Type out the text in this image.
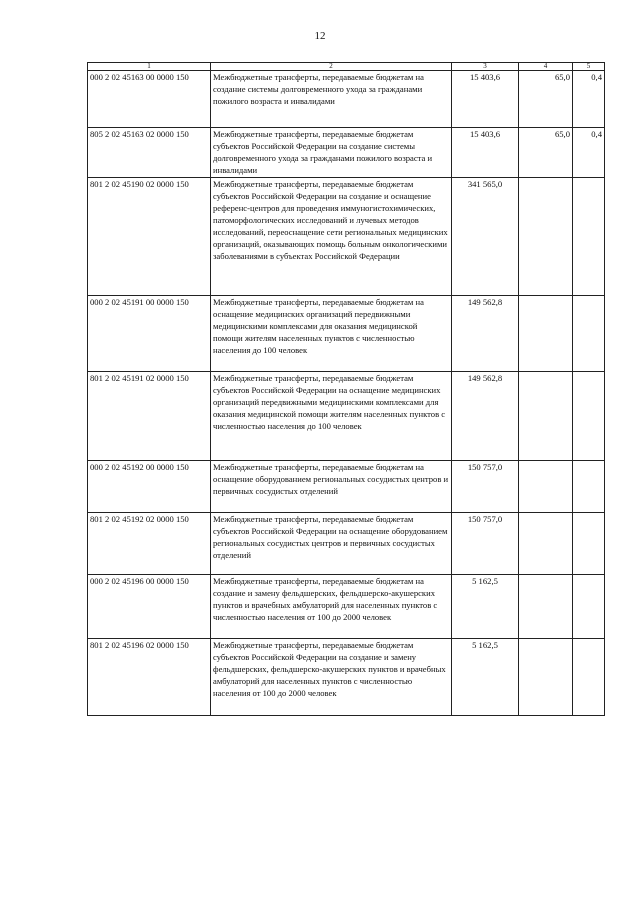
12
1	2	3	4	5
000 2 02 45163 00 0000 150	Межбюджетные трансферты, передаваемые бюджетам на создание системы долговременного ухода за гражданами пожилого возраста и инвалидами	15 403,6	65,0	0,4
805 2 02 45163 02 0000 150	Межбюджетные трансферты, передаваемые бюджетам субъектов Российской Федерации на создание системы долговременного ухода за гражданами пожилого возраста и инвалидами	15 403,6	65,0	0,4
801 2 02 45190 02 0000 150	Межбюджетные трансферты, передаваемые бюджетам субъектов Российской Федерации на создание и оснащение референс-центров для проведения иммуногистохимических, патоморфологических исследований и лучевых методов исследований, переоснащение сети региональных медицинских организаций, оказывающих помощь больным онкологическими заболеваниями в субъектах Российской Федерации	341 565,0		
000 2 02 45191 00 0000 150	Межбюджетные трансферты, передаваемые бюджетам на оснащение медицинских организаций передвижными медицинскими комплексами для оказания медицинской помощи жителям населенных пунктов с численностью населения до 100 человек	149 562,8		
801 2 02 45191 02 0000 150	Межбюджетные трансферты, передаваемые бюджетам субъектов Российской Федерации на оснащение медицинских организаций передвижными медицинскими комплексами для оказания медицинской помощи жителям населенных пунктов с численностью населения до 100 человек	149 562,8		
000 2 02 45192 00 0000 150	Межбюджетные трансферты, передаваемые бюджетам на оснащение оборудованием региональных сосудистых центров и первичных сосудистых отделений	150 757,0		
801 2 02 45192 02 0000 150	Межбюджетные трансферты, передаваемые бюджетам субъектов Российской Федерации на оснащение оборудованием региональных сосудистых центров и первичных сосудистых отделений	150 757,0		
000 2 02 45196 00 0000 150	Межбюджетные трансферты, передаваемые бюджетам на создание и замену фельдшерских, фельдшерско-акушерских пунктов и врачебных амбулаторий для населенных пунктов с численностью населения от 100 до 2000 человек	5 162,5		
801 2 02 45196 02 0000 150	Межбюджетные трансферты, передаваемые бюджетам субъектов Российской Федерации на создание и замену фельдшерских, фельдшерско-акушерских пунктов и врачебных амбулаторий для населенных пунктов с численностью населения от 100 до 2000 человек	5 162,5		
